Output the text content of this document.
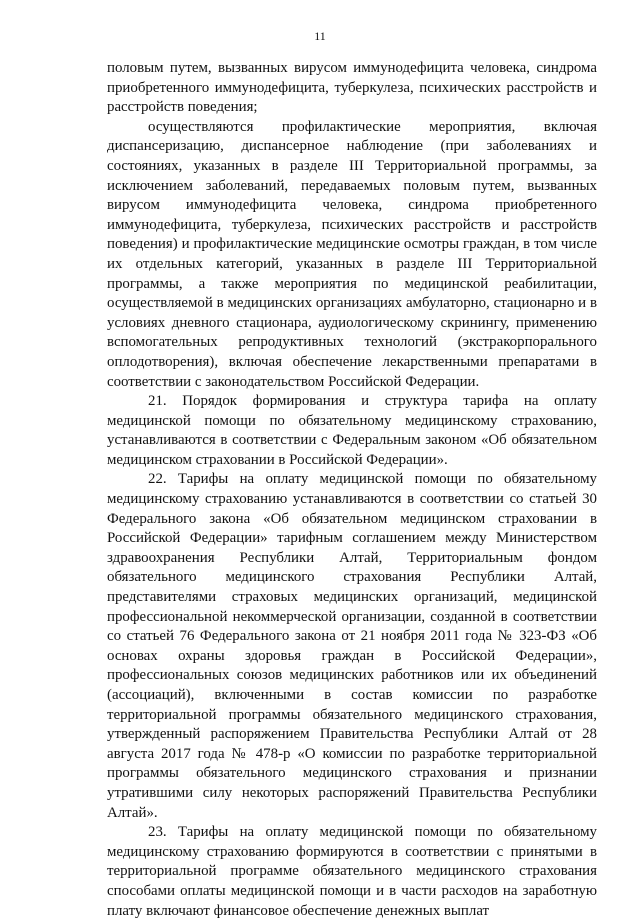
11

половым путем, вызванных вирусом иммунодефицита человека, синдрома приобретенного иммунодефицита, туберкулеза, психических расстройств и расстройств поведения;

осуществляются профилактические мероприятия, включая диспансеризацию, диспансерное наблюдение (при заболеваниях и состояниях, указанных в разделе III Территориальной программы, за исключением заболеваний, передаваемых половым путем, вызванных вирусом иммунодефицита человека, синдрома приобретенного иммунодефицита, туберкулеза, психических расстройств и расстройств поведения) и профилактические медицинские осмотры граждан, в том числе их отдельных категорий, указанных в разделе III Территориальной программы, а также мероприятия по медицинской реабилитации, осуществляемой в медицинских организациях амбулаторно, стационарно и в условиях дневного стационара, аудиологическому скринингу, применению вспомогательных репродуктивных технологий (экстракорпорального оплодотворения), включая обеспечение лекарственными препаратами в соответствии с законодательством Российской Федерации.

21. Порядок формирования и структура тарифа на оплату медицинской помощи по обязательному медицинскому страхованию, устанавливаются в соответствии с Федеральным законом «Об обязательном медицинском страховании в Российской Федерации».

22. Тарифы на оплату медицинской помощи по обязательному медицинскому страхованию устанавливаются в соответствии со статьей 30 Федерального закона «Об обязательном медицинском страховании в Российской Федерации» тарифным соглашением между Министерством здравоохранения Республики Алтай, Территориальным фондом обязательного медицинского страхования Республики Алтай, представителями страховых медицинских организаций, медицинской профессиональной некоммерческой организации, созданной в соответствии со статьей 76 Федерального закона от 21 ноября 2011 года № 323-ФЗ «Об основах охраны здоровья граждан в Российской Федерации», профессиональных союзов медицинских работников или их объединений (ассоциаций), включенными в состав комиссии по разработке территориальной программы обязательного медицинского страхования, утвержденный распоряжением Правительства Республики Алтай от 28 августа 2017 года № 478-р «О комиссии по разработке территориальной программы обязательного медицинского страхования и признании утратившими силу некоторых распоряжений Правительства Республики Алтай».

23. Тарифы на оплату медицинской помощи по обязательному медицинскому страхованию формируются в соответствии с принятыми в территориальной программе обязательного медицинского страхования способами оплаты медицинской помощи и в части расходов на заработную плату включают финансовое обеспечение денежных выплат
